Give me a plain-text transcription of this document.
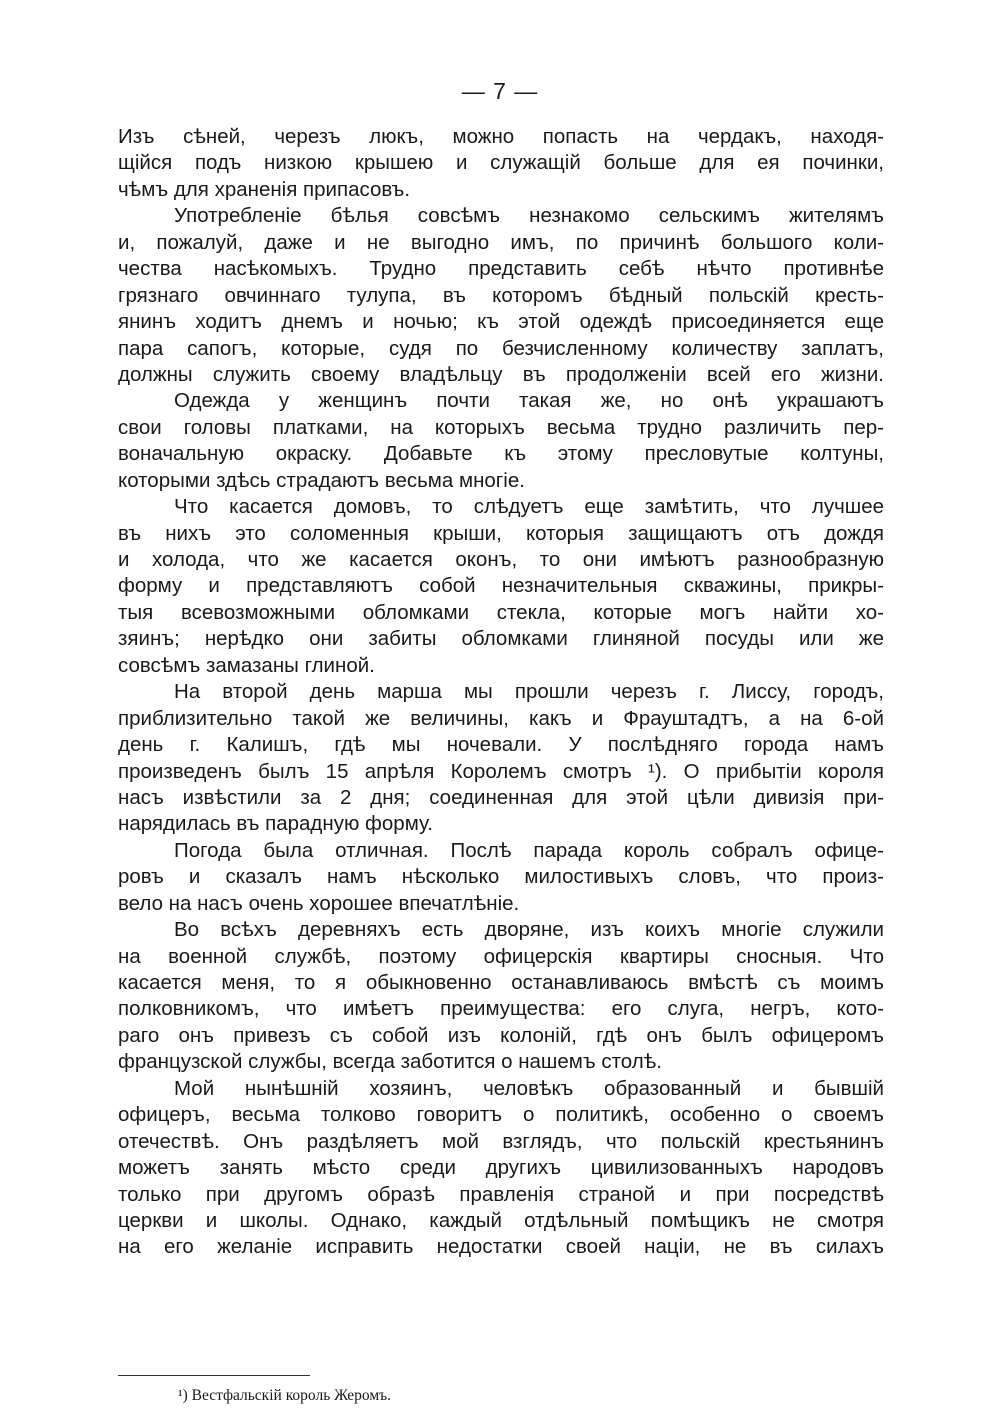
— 7 —
Изъ сѣней, черезъ люкъ, можно попасть на чердакъ, находя-
щійся подъ низкою крышею и служащій больше для ея починки,
чѣмъ для храненія припасовъ.
Употребленіе бѣлья совсѣмъ незнакомо сельскимъ жителямъ
и, пожалуй, даже и не выгодно имъ, по причинѣ большого коли-
чества насѣкомыхъ. Трудно представить себѣ нѣчто противнѣе
грязнаго овчиннаго тулупа, въ которомъ бѣдный польскій кресть-
янинъ ходитъ днемъ и ночью; къ этой одеждѣ присоединяется еще
пара сапогъ, которые, судя по безчисленному количеству заплатъ,
должны служить своему владѣльцу въ продолженіи всей его жизни.
Одежда у женщинъ почти такая же, но онѣ украшаютъ
свои головы платками, на которыхъ весьма трудно различить пер-
воначальную окраску. Добавьте къ этому пресловутые колтуны,
которыми здѣсь страдаютъ весьма многіе.
Что касается домовъ, то слѣдуетъ еще замѣтить, что лучшее
въ нихъ это соломенныя крыши, которыя защищаютъ отъ дождя
и холода, что же касается оконъ, то они имѣютъ разнообразную
форму и представляютъ собой незначительныя скважины, прикры-
тыя всевозможными обломками стекла, которые могъ найти хо-
зяинъ; нерѣдко они забиты обломками глиняной посуды или же
совсѣмъ замазаны глиной.
На второй день марша мы прошли черезъ г. Лиссу, городъ,
приблизительно такой же величины, какъ и Фрауштадтъ, а на 6-ой
день г. Калишъ, гдѣ мы ночевали. У послѣдняго города намъ
произведенъ былъ 15 апрѣля Королемъ смотръ ¹). О прибытіи короля
насъ извѣстили за 2 дня; соединенная для этой цѣли дивизія при-
нарядилась въ парадную форму.
Погода была отличная. Послѣ парада король собралъ офице-
ровъ и сказалъ намъ нѣсколько милостивыхъ словъ, что произ-
вело на насъ очень хорошее впечатлѣніе.
Во всѣхъ деревняхъ есть дворяне, изъ коихъ многіе служили
на военной службѣ, поэтому офицерскія квартиры сносныя. Что
касается меня, то я обыкновенно останавливаюсь вмѣстѣ съ моимъ
полковникомъ, что имѣетъ преимущества: его слуга, негръ, кото-
раго онъ привезъ съ собой изъ колоній, гдѣ онъ былъ офицеромъ
французской службы, всегда заботится о нашемъ столѣ.
Мой нынѣшній хозяинъ, человѣкъ образованный и бывшій
офицеръ, весьма толково говоритъ о политикѣ, особенно о своемъ
отечествѣ. Онъ раздѣляетъ мой взглядъ, что польскій крестьянинъ
можетъ занять мѣсто среди другихъ цивилизованныхъ народовъ
только при другомъ образѣ правленія страной и при посредствѣ
церкви и школы. Однако, каждый отдѣльный помѣщикъ не смотря
на его желаніе исправить недостатки своей націи, не въ силахъ
¹) Вестфальскій король Жеромъ.
